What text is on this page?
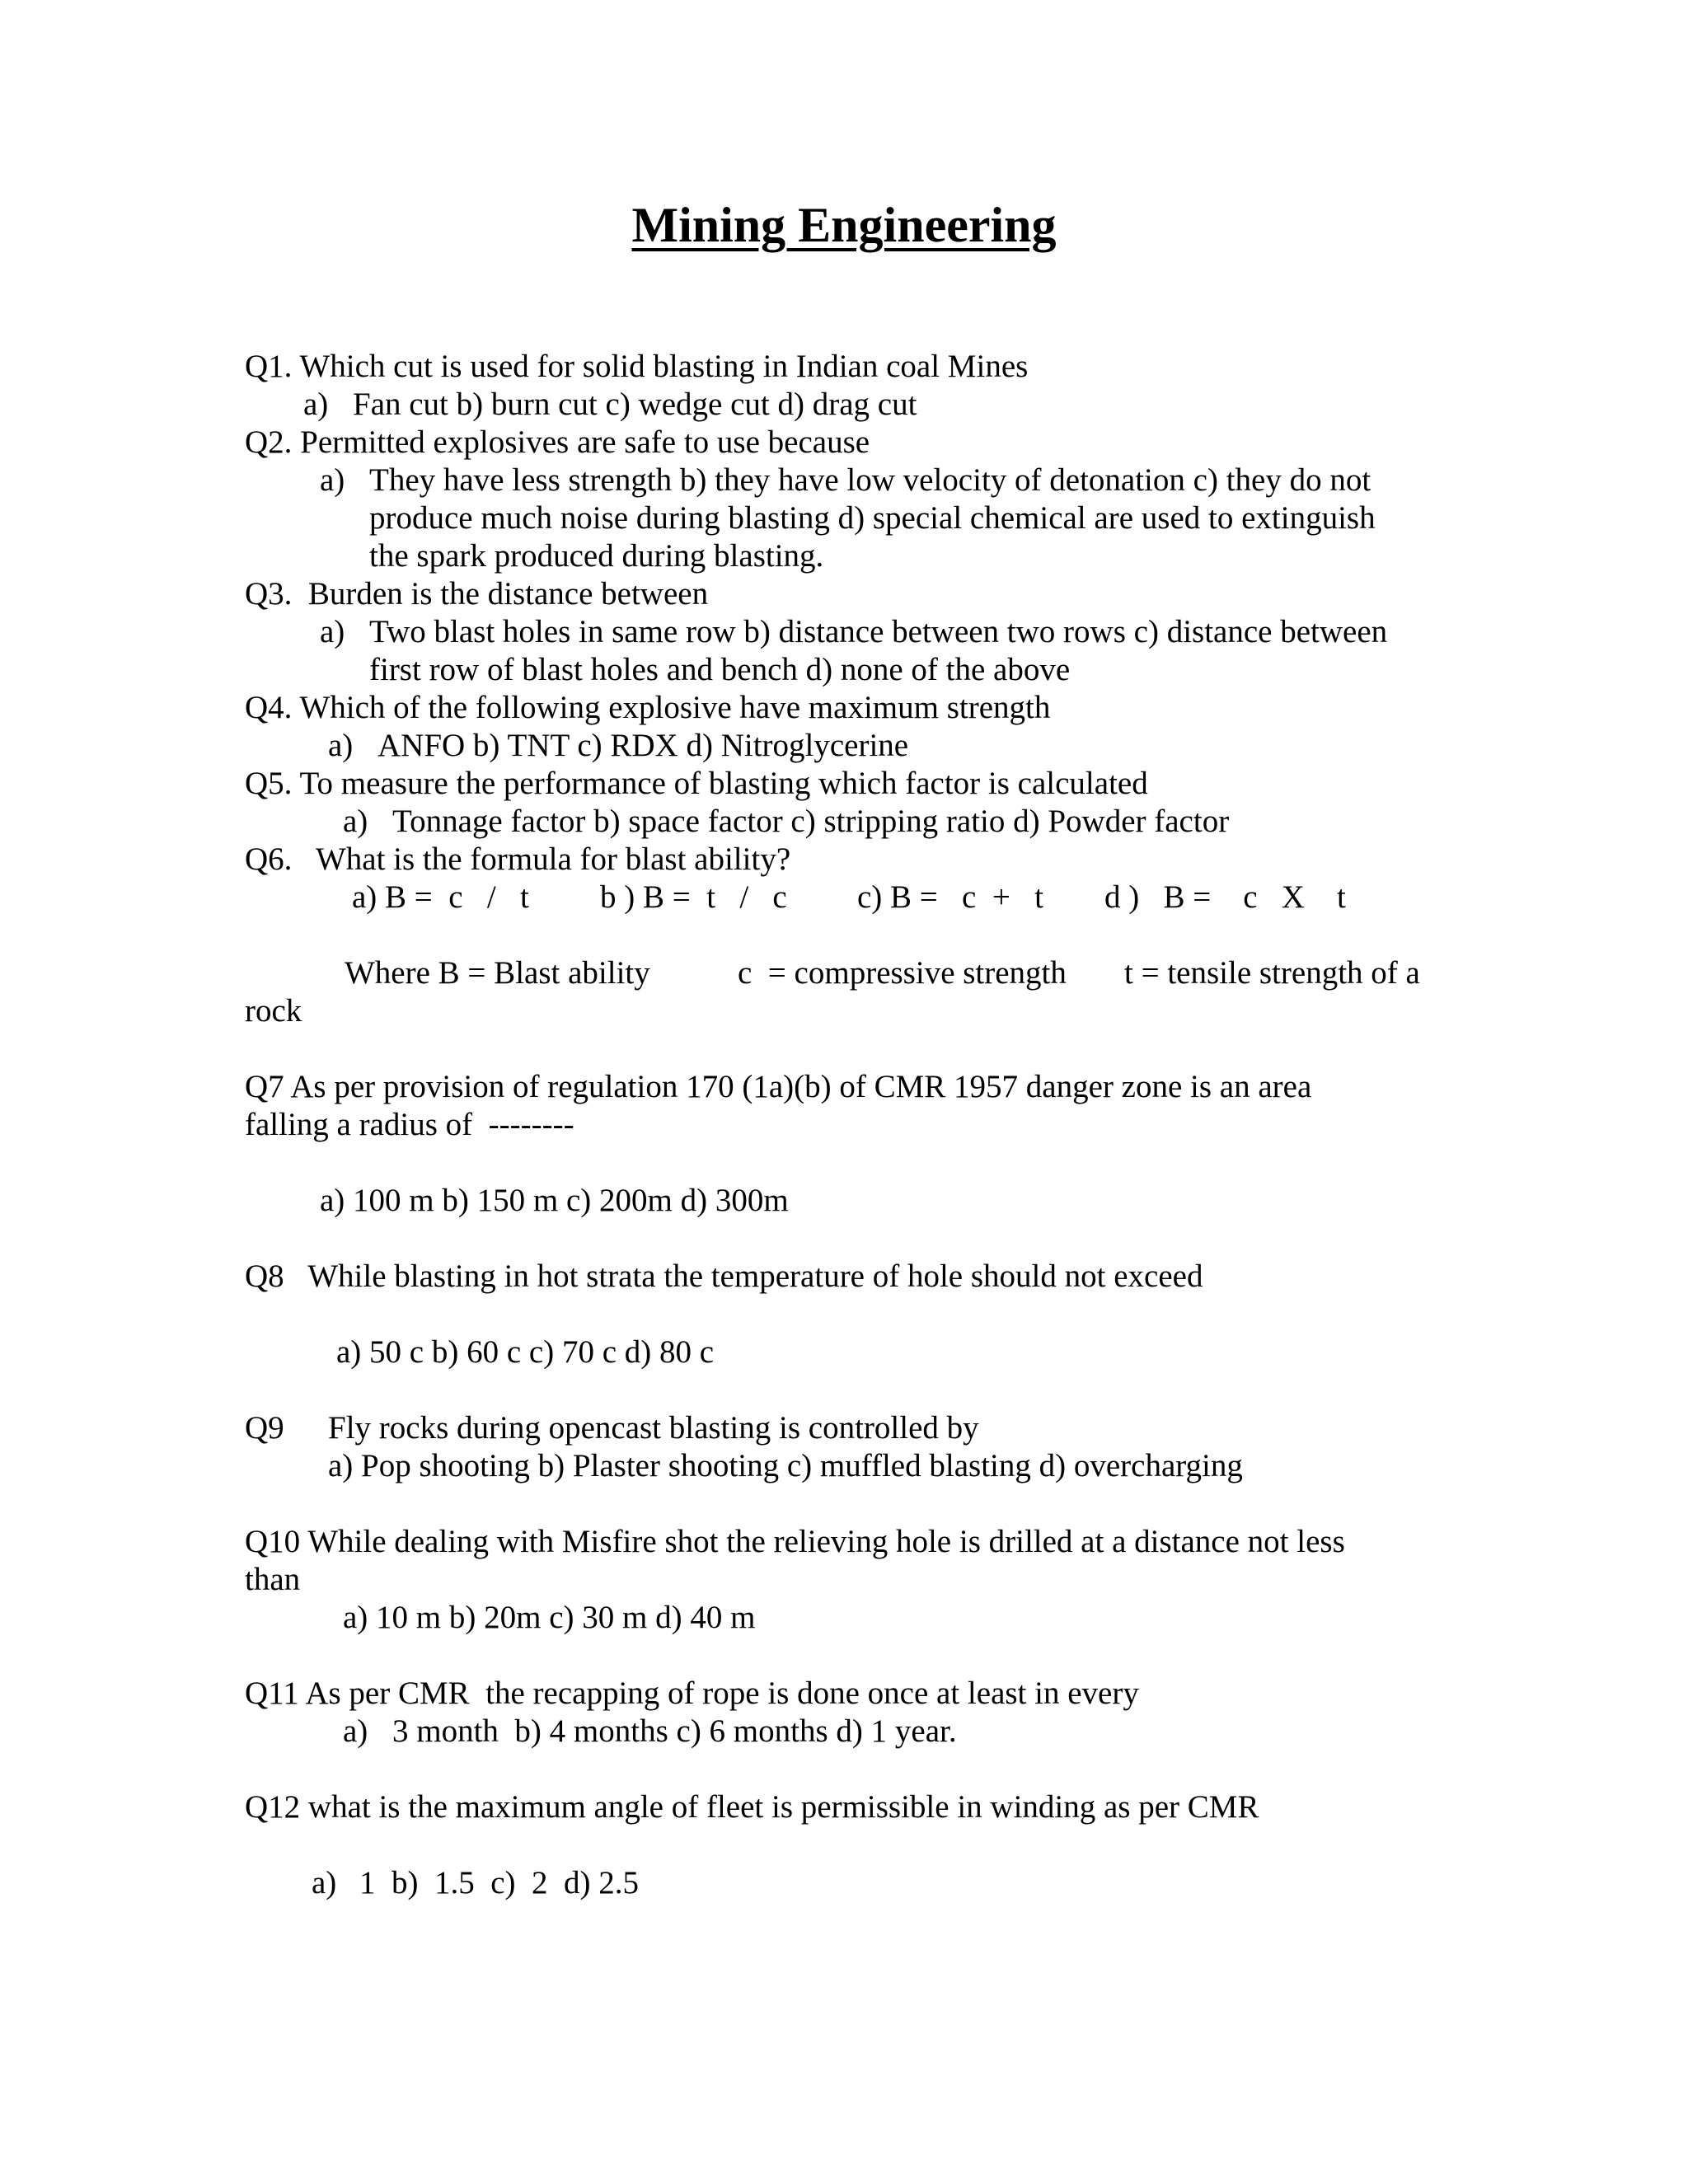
Mining Engineering
Q1. Which cut is used for solid blasting in Indian coal Mines
a) Fan cut b) burn cut c) wedge cut d) drag cut
Q2. Permitted explosives are safe to use because
a) They have less strength b) they have low velocity of detonation c) they do not
produce much noise during blasting d) special chemical are used to extinguish
the spark produced during blasting.
Q3.  Burden is the distance between
a) Two blast holes in same row b) distance between two rows c) distance between
first row of blast holes and bench d) none of the above
Q4. Which of the following explosive have maximum strength
a) ANFO b) TNT c) RDX d) Nitroglycerine
Q5. To measure the performance of blasting which factor is calculated
a) Tonnage factor b) space factor c) stripping ratio d) Powder factor
Q6.   What is the formula for blast ability?
a) B =  c   /   t b ) B =  t   /   c c) B =   c  +   t d )   B =    c   X    t
Where B = Blast ability	c  = compressive strength t = tensile strength of a
rock
Q7 As per provision of regulation 170 (1a)(b) of CMR 1957 danger zone is an area
falling a radius of  --------
a) 100 m b) 150 m c) 200m d) 300m
Q8   While blasting in hot strata the temperature of hole should not exceed
a) 50 c b) 60 c c) 70 c d) 80 c
Q9 Fly rocks during opencast blasting is controlled by
a) Pop shooting b) Plaster shooting c) muffled blasting d) overcharging
Q10 While dealing with Misfire shot the relieving hole is drilled at a distance not less
than
a) 10 m b) 20m c) 30 m d) 40 m
Q11 As per CMR  the recapping of rope is done once at least in every
a) 3 month  b) 4 months c) 6 months d) 1 year.
Q12 what is the maximum angle of fleet is permissible in winding as per CMR
a) 1  b)  1.5  c)  2  d) 2.5
